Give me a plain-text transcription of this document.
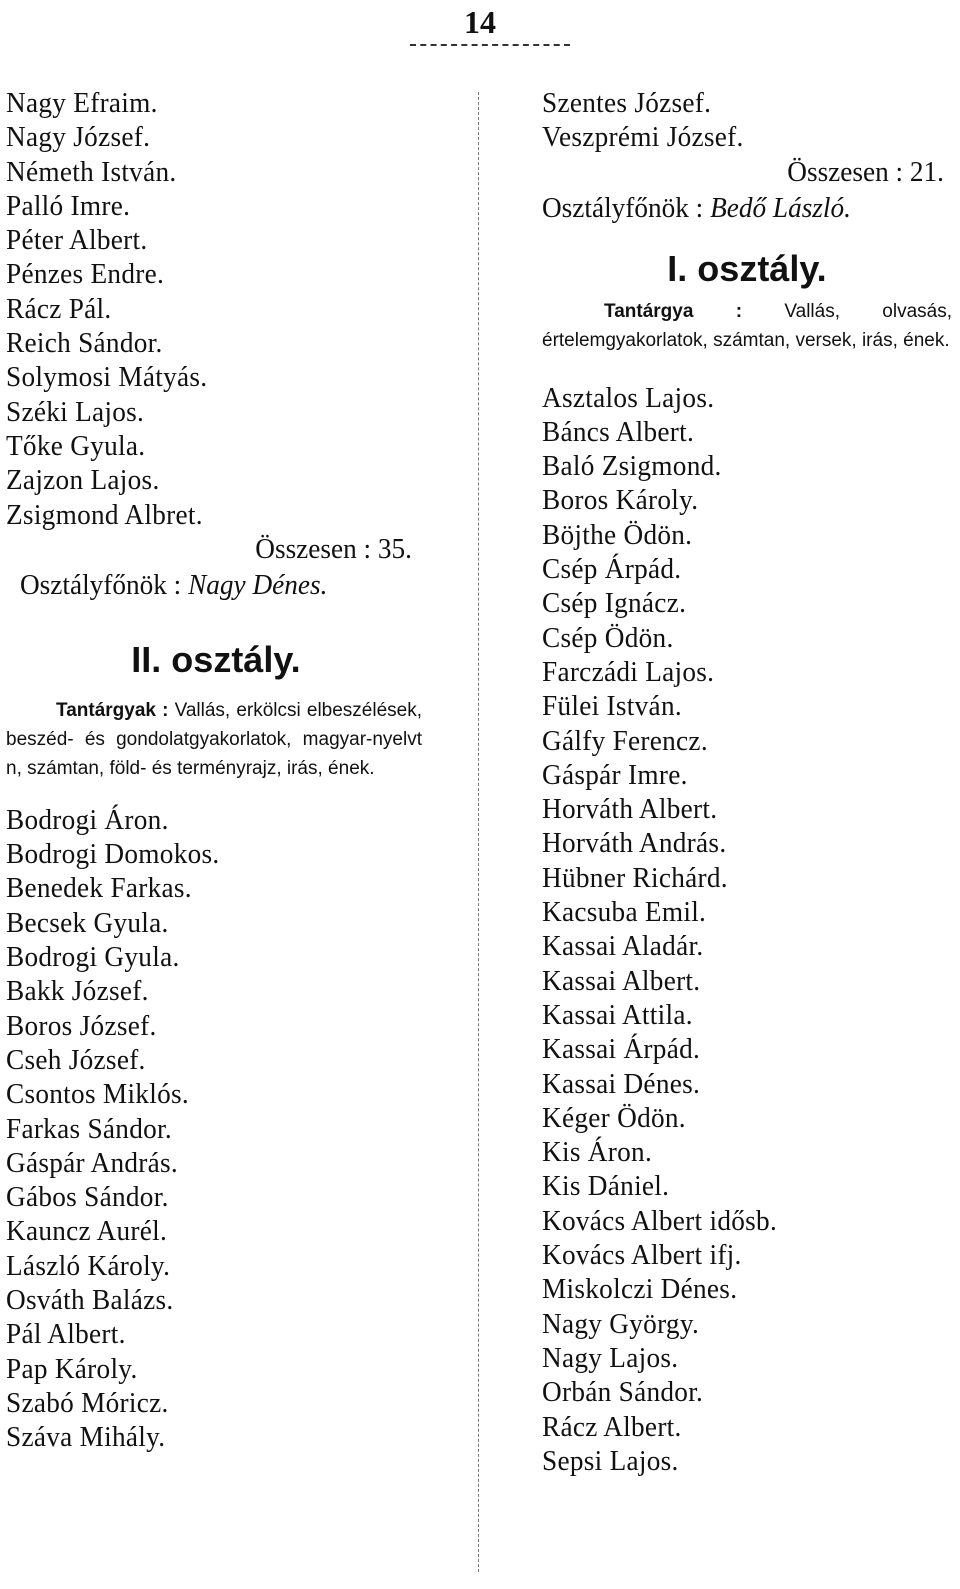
14
Nagy Efraim.
Nagy József.
Németh István.
Palló Imre.
Péter Albert.
Pénzes Endre.
Rácz Pál.
Reich Sándor.
Solymosi Mátyás.
Széki Lajos.
Tőke Gyula.
Zajzon Lajos.
Zsigmond Albret.
Összesen : 35.
Osztályfőnök : Nagy Dénes.
II. osztály.
Tantárgyak : Vallás, erkölcsi elbeszélések, beszéd- és gondolatgyakorlatok, magyar-nyelvt n, számtan, föld- és terményrajz, irás, ének.
Bodrogi Áron.
Bodrogi Domokos.
Benedek Farkas.
Becsek Gyula.
Bodrogi Gyula.
Bakk József.
Boros József.
Cseh József.
Csontos Miklós.
Farkas Sándor.
Gáspár András.
Gábos Sándor.
Kauncz Aurél.
László Károly.
Osváth Balázs.
Pál Albert.
Pap Károly.
Szabó Móricz.
Száva Mihály.
Szentes József.
Veszprémi József.
Összesen : 21.
Osztályfőnök : Bedő László.
I. osztály.
Tantárgya : Vallás, olvasás, értelemgyakorlatok, számtan, versek, irás, ének.
Asztalos Lajos.
Báncs Albert.
Baló Zsigmond.
Boros Károly.
Böjthe Ödön.
Csép Árpád.
Csép Ignácz.
Csép Ödön.
Farczádi Lajos.
Fülei István.
Gálfy Ferencz.
Gáspár Imre.
Horváth Albert.
Horváth András.
Hübner Richárd.
Kacsuba Emil.
Kassai Aladár.
Kassai Albert.
Kassai Attila.
Kassai Árpád.
Kassai Dénes.
Kéger Ödön.
Kis Áron.
Kis Dániel.
Kovács Albert idősb.
Kovács Albert ifj.
Miskolczi Dénes.
Nagy György.
Nagy Lajos.
Orbán Sándor.
Rácz Albert.
Sepsi Lajos.
